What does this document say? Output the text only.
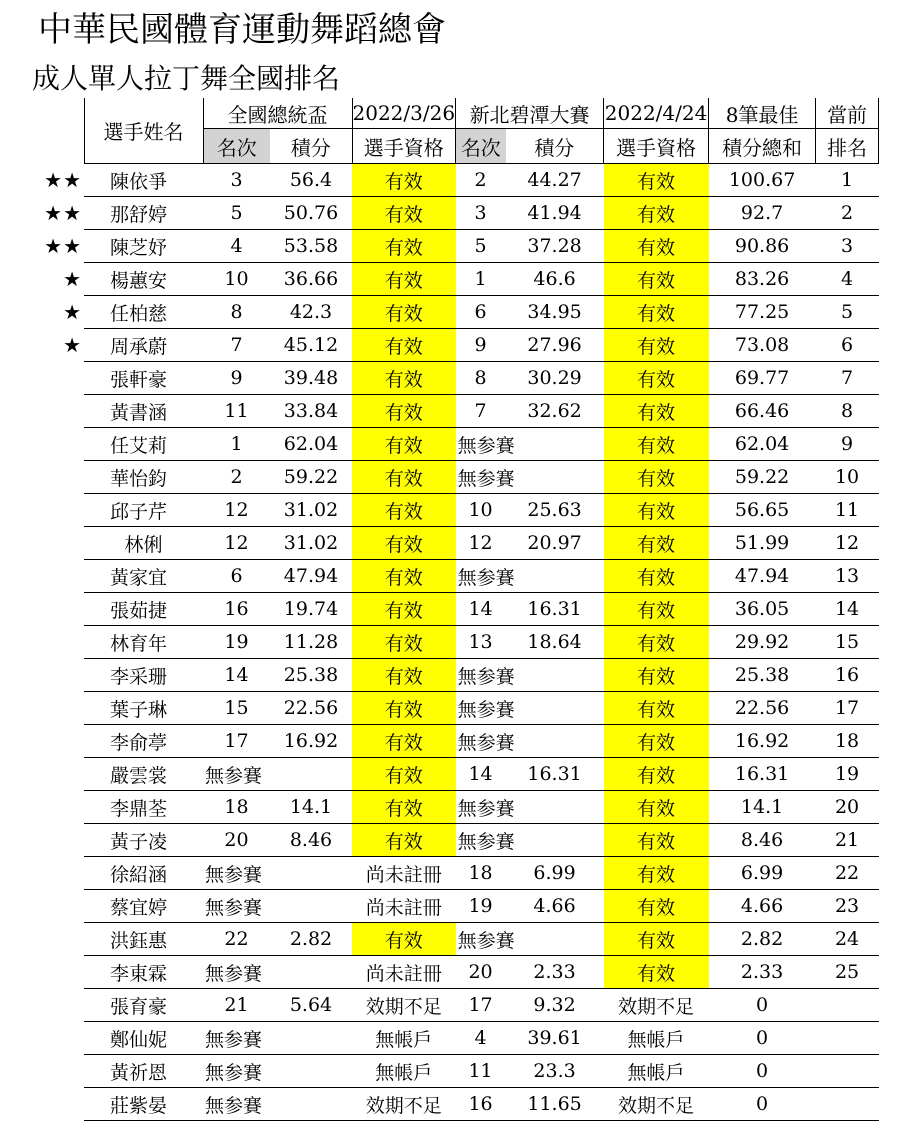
中華民國體育運動舞蹈總會
成人單人拉丁舞全國排名
	選手姓名	全國總統盃		2022/3/26	新北碧潭大賽		2022/4/24	8筆最佳	當前
		名次	積分	選手資格	名次	積分	選手資格	積分總和	排名
★★	陳依爭	3	56.4	有效	2	44.27	有效	100.67	1
★★	那舒婷	5	50.76	有效	3	41.94	有效	92.7	2
★★	陳芝妤	4	53.58	有效	5	37.28	有效	90.86	3
★	楊蕙安	10	36.66	有效	1	46.6	有效	83.26	4
★	任柏慈	8	42.3	有效	6	34.95	有效	77.25	5
★	周承蔚	7	45.12	有效	9	27.96	有效	73.08	6
	張軒豪	9	39.48	有效	8	30.29	有效	69.77	7
	黃書涵	11	33.84	有效	7	32.62	有效	66.46	8
	任艾莉	1	62.04	有效	無参賽		有效	62.04	9
	華怡鈞	2	59.22	有效	無参賽		有效	59.22	10
	邱子芹	12	31.02	有效	10	25.63	有效	56.65	11
	林俐	12	31.02	有效	12	20.97	有效	51.99	12
	黃家宜	6	47.94	有效	無参賽		有效	47.94	13
	張茹捷	16	19.74	有效	14	16.31	有效	36.05	14
	林育年	19	11.28	有效	13	18.64	有效	29.92	15
	李采珊	14	25.38	有效	無参賽		有效	25.38	16
	葉子琳	15	22.56	有效	無参賽		有效	22.56	17
	李俞葶	17	16.92	有效	無参賽		有效	16.92	18
	嚴雲裳	無参賽		有效	14	16.31	有效	16.31	19
	李鼎荃	18	14.1	有效	無参賽		有效	14.1	20
	黃子凌	20	8.46	有效	無参賽		有效	8.46	21
	徐紹涵	無参賽		尚未註冊	18	6.99	有效	6.99	22
	蔡宜婷	無参賽		尚未註冊	19	4.66	有效	4.66	23
	洪鈺惠	22	2.82	有效	無参賽		有效	2.82	24
	李東霖	無参賽		尚未註冊	20	2.33	有效	2.33	25
	張育豪	21	5.64	效期不足	17	9.32	效期不足	0	
	鄭仙妮	無参賽		無帳戶	4	39.61	無帳戶	0	
	黃祈恩	無参賽		無帳戶	11	23.3	無帳戶	0	
	莊紫晏	無参賽		效期不足	16	11.65	效期不足	0	
